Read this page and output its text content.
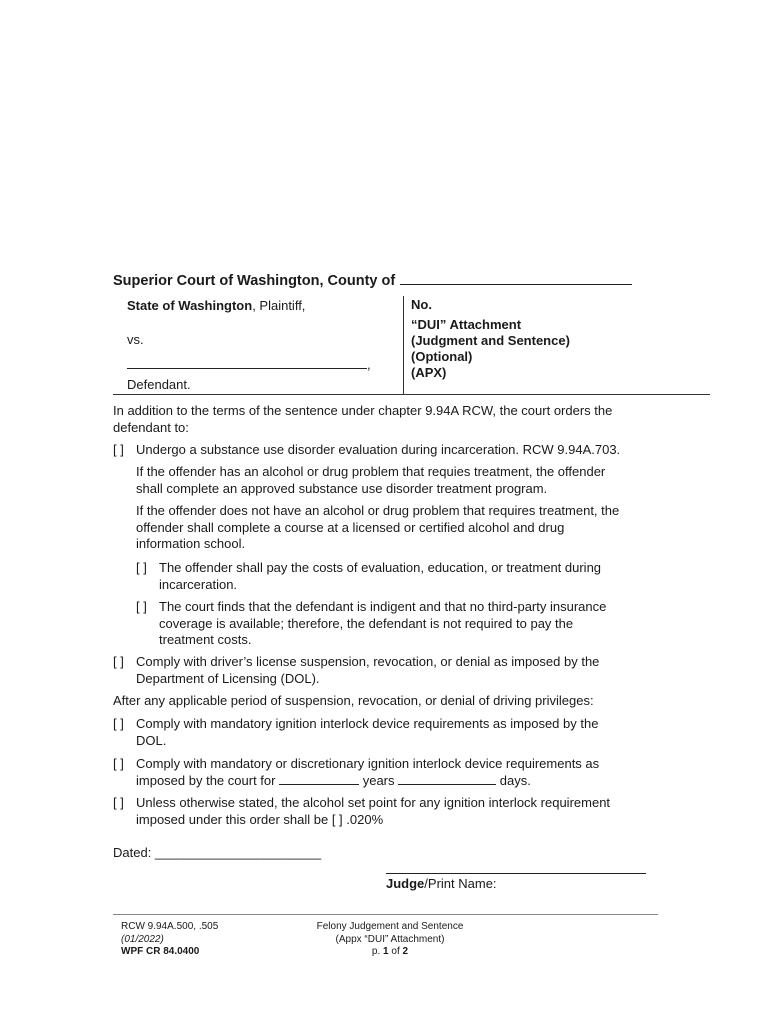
Superior Court of Washington, County of
State of Washington, Plaintiff,
vs.
,
Defendant.
No.
“DUI” Attachment
(Judgment and Sentence)
(Optional)
(APX)
In addition to the terms of the sentence under chapter 9.94A RCW, the court orders the
defendant to:
[ ] Undergo a substance use disorder evaluation during incarceration. RCW 9.94A.703.
If the offender has an alcohol or drug problem that requies treatment, the offender
shall complete an approved substance use disorder treatment program.
If the offender does not have an alcohol or drug problem that requires treatment, the
offender shall complete a course at a licensed or certified alcohol and drug
information school.
[ ] The offender shall pay the costs of evaluation, education, or treatment during
incarceration.
[ ] The court finds that the defendant is indigent and that no third-party insurance
coverage is available; therefore, the defendant is not required to pay the
treatment costs.
[ ] Comply with driver’s license suspension, revocation, or denial as imposed by the
Department of Licensing (DOL).
After any applicable period of suspension, revocation, or denial of driving privileges:
[ ] Comply with mandatory ignition interlock device requirements as imposed by the
DOL.
[ ] Comply with mandatory or discretionary ignition interlock device requirements as
imposed by the court for	years	days.
[ ] Unless otherwise stated, the alcohol set point for any ignition interlock requirement
imposed under this order shall be [ ] .020%
Dated: _______________________
Judge/Print Name:
RCW 9.94A.500, .505
(01/2022)
WPF CR 84.0400
Felony Judgement and Sentence
(Appx “DUI” Attachment)
p. 1 of 2
